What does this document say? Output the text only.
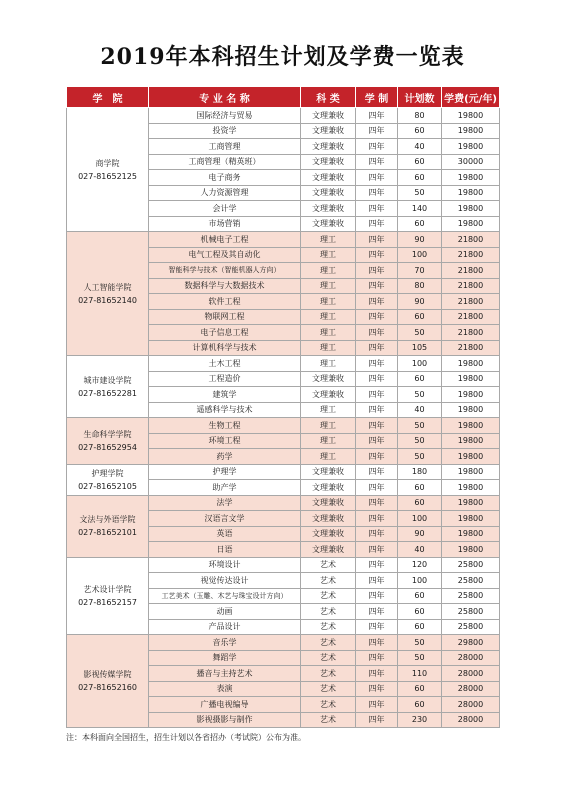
2019年本科招生计划及学费一览表
学　院	专 业 名 称	科 类	学 制	计划数	学费(元/年)

商学院
027-81652125	国际经济与贸易	文理兼收	四年	80	19800
	投资学	文理兼收	四年	60	19800
	工商管理	文理兼收	四年	40	19800
	工商管理（精英班）	文理兼收	四年	60	30000
	电子商务	文理兼收	四年	60	19800
	人力资源管理	文理兼收	四年	50	19800
	会计学	文理兼收	四年	140	19800
	市场营销	文理兼收	四年	60	19800

人工智能学院
027-81652140	机械电子工程	理工	四年	90	21800
	电气工程及其自动化	理工	四年	100	21800
	智能科学与技术（智能机器人方向）	理工	四年	70	21800
	数据科学与大数据技术	理工	四年	80	21800
	软件工程	理工	四年	90	21800
	物联网工程	理工	四年	60	21800
	电子信息工程	理工	四年	50	21800
	计算机科学与技术	理工	四年	105	21800

城市建设学院
027-81652281	土木工程	理工	四年	100	19800
	工程造价	文理兼收	四年	60	19800
	建筑学	文理兼收	四年	50	19800
	遥感科学与技术	理工	四年	40	19800

生命科学学院
027-81652954	生物工程	理工	四年	50	19800
	环境工程	理工	四年	50	19800
	药学	理工	四年	50	19800

护理学院
027-81652105	护理学	文理兼收	四年	180	19800
	助产学	文理兼收	四年	60	19800

文法与外语学院
027-81652101	法学	文理兼收	四年	60	19800
	汉语言文学	文理兼收	四年	100	19800
	英语	文理兼收	四年	90	19800
	日语	文理兼收	四年	40	19800

艺术设计学院
027-81652157	环境设计	艺术	四年	120	25800
	视觉传达设计	艺术	四年	100	25800
	工艺美术（玉雕、木艺与珠宝设计方向）	艺术	四年	60	25800
	动画	艺术	四年	60	25800
	产品设计	艺术	四年	60	25800

影视传媒学院
027-81652160	音乐学	艺术	四年	50	29800
	舞蹈学	艺术	四年	50	28000
	播音与主持艺术	艺术	四年	110	28000
	表演	艺术	四年	60	28000
	广播电视编导	艺术	四年	60	28000
	影视摄影与制作	艺术	四年	230	28000
注：本科面向全国招生，招生计划以各省招办（考试院）公布为准。
